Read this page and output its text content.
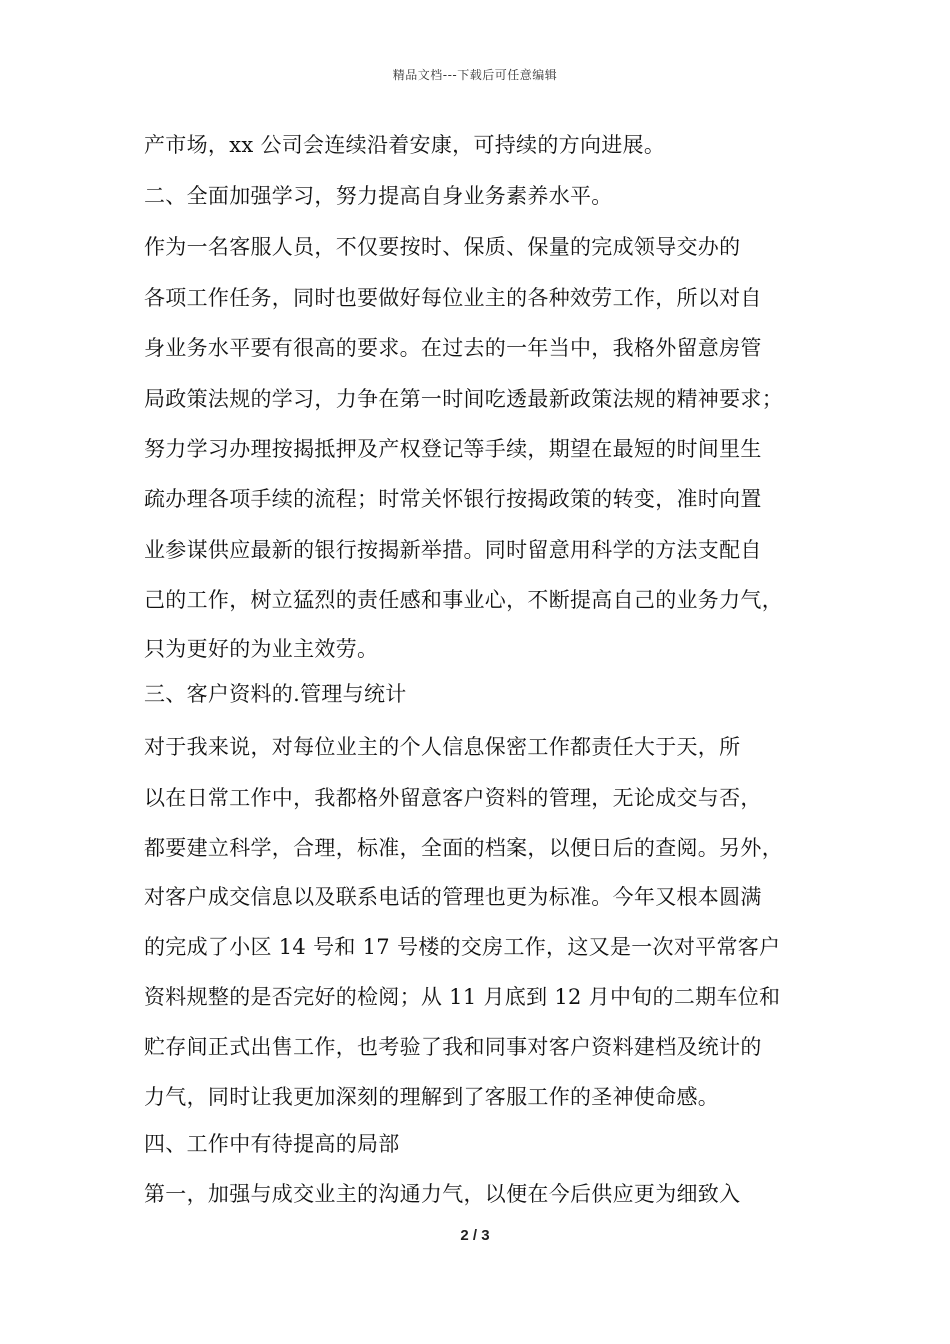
精品文档---下载后可任意编辑
产市场，xx 公司会连续沿着安康，可持续的方向进展。
二、全面加强学习，努力提高自身业务素养水平。
作为一名客服人员，不仅要按时、保质、保量的完成领导交办的
各项工作任务，同时也要做好每位业主的各种效劳工作，所以对自
身业务水平要有很高的要求。在过去的一年当中，我格外留意房管
局政策法规的学习，力争在第一时间吃透最新政策法规的精神要求；
努力学习办理按揭抵押及产权登记等手续，期望在最短的时间里生
疏办理各项手续的流程；时常关怀银行按揭政策的转变，准时向置
业参谋供应最新的银行按揭新举措。同时留意用科学的方法支配自
己的工作，树立猛烈的责任感和事业心，不断提高自己的业务力气，
只为更好的为业主效劳。
三、客户资料的.管理与统计
对于我来说，对每位业主的个人信息保密工作都责任大于天，所
以在日常工作中，我都格外留意客户资料的管理，无论成交与否，
都要建立科学，合理，标准，全面的档案，以便日后的查阅。另外，
对客户成交信息以及联系电话的管理也更为标准。今年又根本圆满
的完成了小区 14 号和 17 号楼的交房工作，这又是一次对平常客户
资料规整的是否完好的检阅；从 11 月底到 12 月中旬的二期车位和
贮存间正式出售工作，也考验了我和同事对客户资料建档及统计的
力气，同时让我更加深刻的理解到了客服工作的圣神使命感。
四、工作中有待提高的局部
第一，加强与成交业主的沟通力气，以便在今后供应更为细致入
2 / 3
